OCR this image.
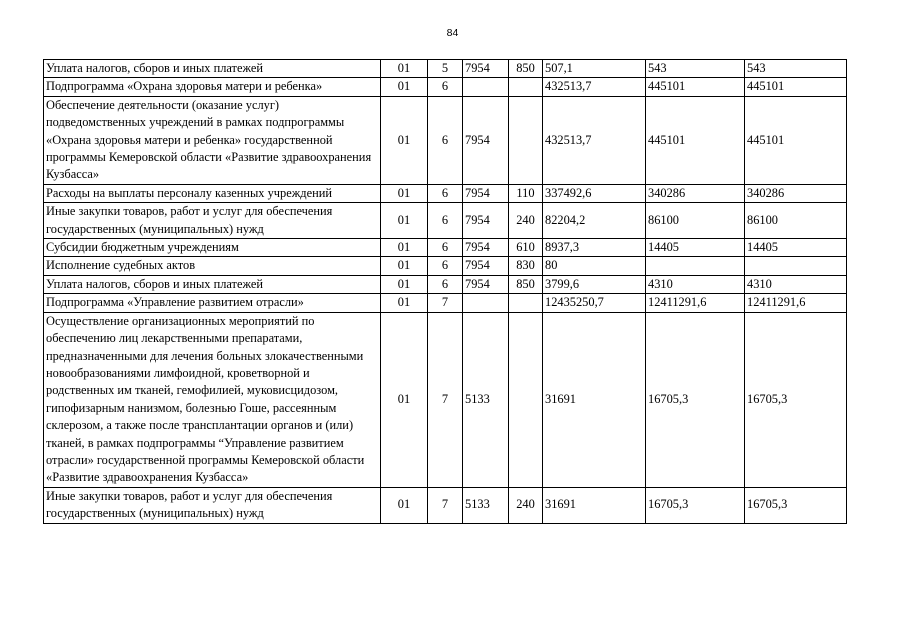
84
Уплата налогов, сборов и иных платежей	01	5	7954	850	507,1	543	543
Подпрограмма «Охрана здоровья матери и ребенка»	01	6			432513,7	445101	445101
Обеспечение деятельности (оказание услуг) подведомственных учреждений в рамках подпрограммы «Охрана здоровья матери и ребенка» государственной программы Кемеровской области «Развитие здравоохранения Кузбасса»	01	6	7954		432513,7	445101	445101
Расходы на выплаты персоналу казенных учреждений	01	6	7954	110	337492,6	340286	340286
Иные закупки товаров, работ и услуг для обеспечения государственных (муниципальных) нужд	01	6	7954	240	82204,2	86100	86100
Субсидии бюджетным учреждениям	01	6	7954	610	8937,3	14405	14405
Исполнение судебных актов	01	6	7954	830	80		
Уплата налогов, сборов и иных платежей	01	6	7954	850	3799,6	4310	4310
Подпрограмма «Управление развитием отрасли»	01	7			12435250,7	12411291,6	12411291,6
Осуществление организационных мероприятий по обеспечению лиц лекарственными препаратами, предназначенными для лечения больных злокачественными новообразованиями лимфоидной, кроветворной и родственных им тканей, гемофилией, муковисцидозом, гипофизарным нанизмом, болезнью Гоше, рассеянным склерозом, а также после трансплантации органов и (или) тканей, в рамках подпрограммы “Управление развитием отрасли» государственной программы Кемеровской области «Развитие здравоохранения Кузбасса»	01	7	5133		31691	16705,3	16705,3
Иные закупки товаров, работ и услуг для обеспечения государственных (муниципальных) нужд	01	7	5133	240	31691	16705,3	16705,3
